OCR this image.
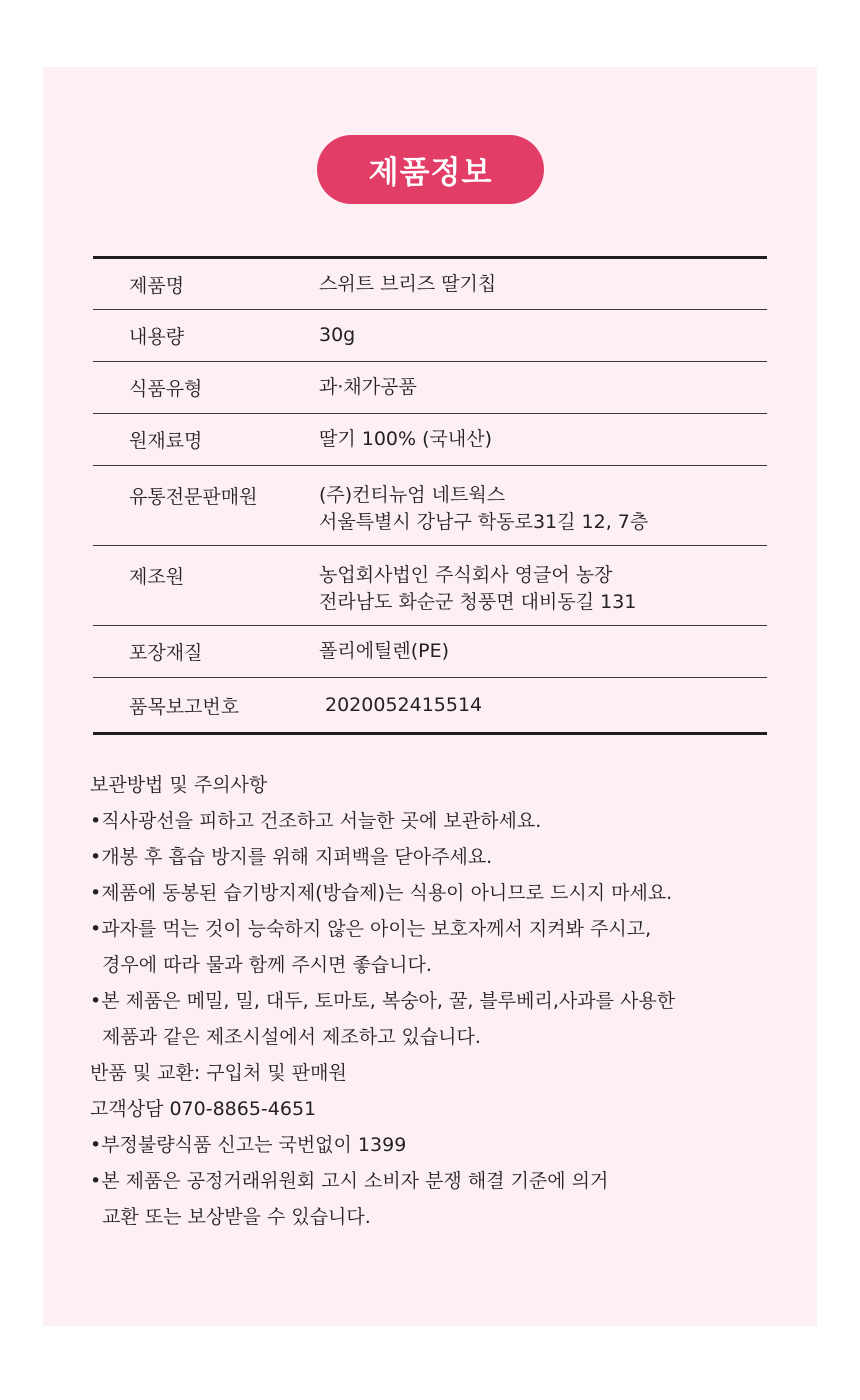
제품정보
제품명	스위트 브리즈 딸기칩
내용량	30g
식품유형	과·채가공품
원재료명	딸기 100% (국내산)
유통전문판매원	(주)컨티뉴엄 네트웍스
서울특별시 강남구 학동로31길 12, 7층
제조원	농업회사법인 주식회사 영글어 농장
전라남도 화순군 청풍면 대비동길 131
포장재질	폴리에틸렌(PE)
품목보고번호	2020052415514
보관방법 및 주의사항
•직사광선을 피하고 건조하고 서늘한 곳에 보관하세요.
•개봉 후 흡습 방지를 위해 지퍼백을 닫아주세요.
•제품에 동봉된 습기방지제(방습제)는 식용이 아니므로 드시지 마세요.
•과자를 먹는 것이 능숙하지 않은 아이는 보호자께서 지켜봐 주시고,
경우에 따라 물과 함께 주시면 좋습니다.
•본 제품은 메밀, 밀, 대두, 토마토, 복숭아, 꿀, 블루베리,사과를 사용한
제품과 같은 제조시설에서 제조하고 있습니다.
반품 및 교환: 구입처 및 판매원
고객상담 070-8865-4651
•부정불량식품 신고는 국번없이 1399
•본 제품은 공정거래위원회 고시 소비자 분쟁 해결 기준에 의거
교환 또는 보상받을 수 있습니다.
